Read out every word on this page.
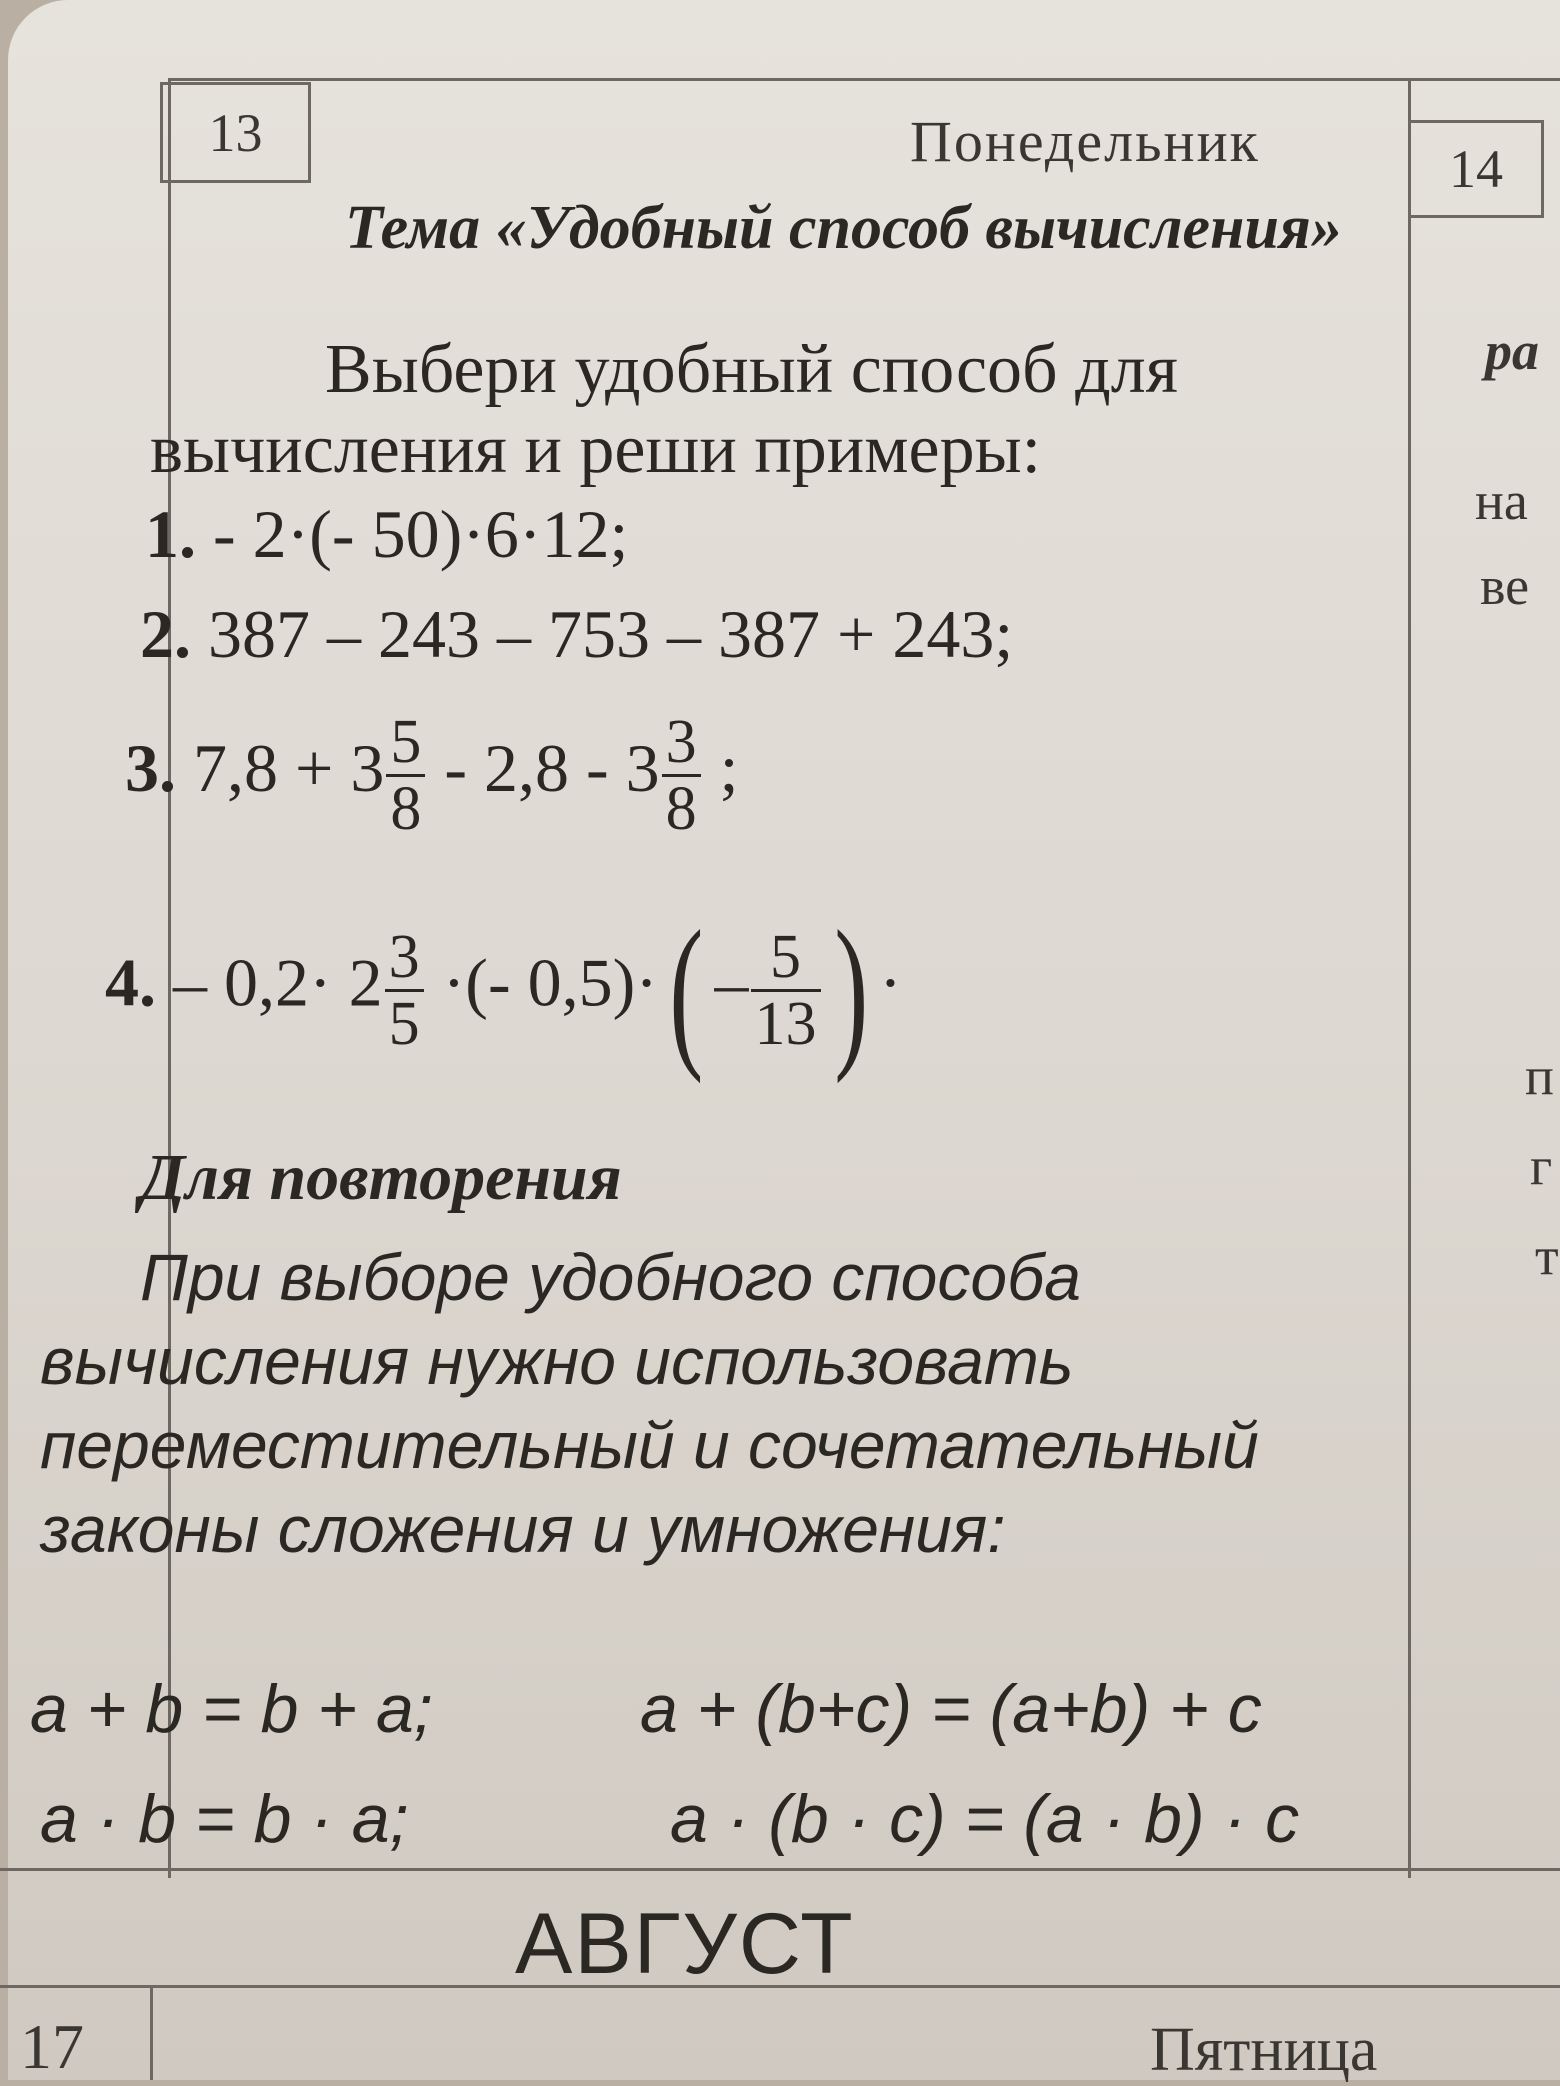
13	Понедельник	14
Тема «Удобный способ вычисления»
Выбери удобный способ для вычисления и реши примеры:
1. - 2·(- 50)·6·12;
2. 387 – 243 – 753 – 387 + 243;
3. $7,8 + 3 \frac{5}{8} - 2,8 - 3 \frac{3}{8}$ ;
4. – $0,2\cdot 2 \frac{3}{5}$ ·(- $0,5)\cdot( - \frac{5}{13}$ ) ·
Для повторения
При выборе удобного способа вычисления нужно использовать переместительный и сочетательный законы сложения и умножения:
a + b = b + a;	a + (b+c) = (a+b) + c
a · b = b · a;	a · (b · c) = (a · b) · c
АВГУСТ
17	Пятница
ра
на
ве
п
г
т
